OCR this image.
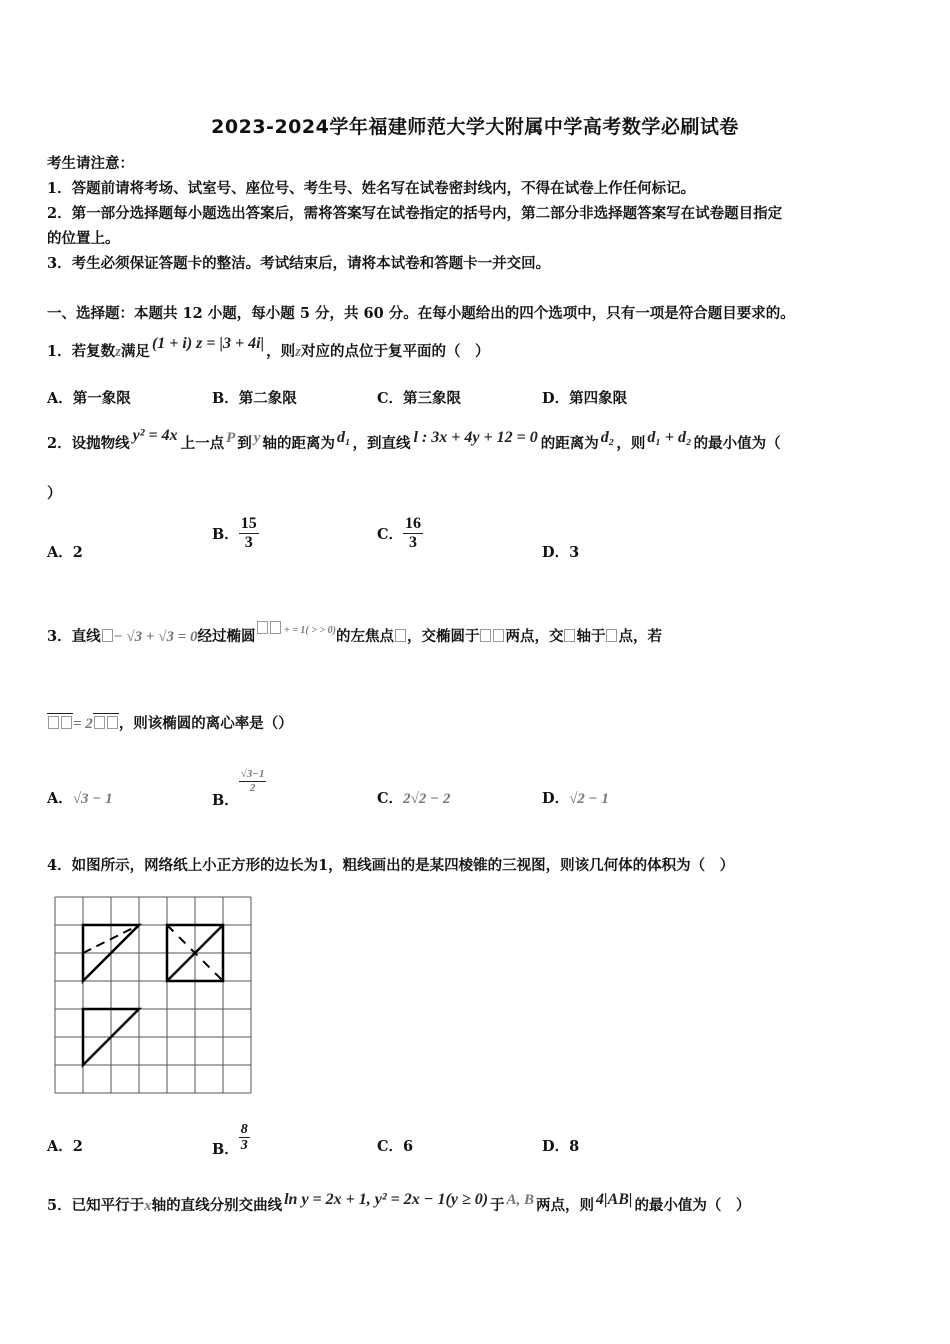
2023-2024学年福建师范大学大附属中学高考数学必刷试卷
考生请注意：
1．答题前请将考场、试室号、座位号、考生号、姓名写在试卷密封线内，不得在试卷上作任何标记。
2．第一部分选择题每小题选出答案后，需将答案写在试卷指定的括号内，第二部分非选择题答案写在试卷题目指定
的位置上。
3．考生必须保证答题卡的整洁。考试结束后，请将本试卷和答题卡一并交回。
一、选择题：本题共 12 小题，每小题 5 分，共 60 分。在每小题给出的四个选项中，只有一项是符合题目要求的。
1．若复数z满足 (1 + i) z = |3 + 4i| ，则z对应的点位于复平面的（　）
A．第一象限	B．第二象限	C．第三象限	D．第四象限
2．设抛物线 y² = 4x 上一点 P 到 y 轴的距离为 d₁ ，到直线 l : 3x + 4y + 12 = 0 的距离为 d₂ ，则 d₁ + d₂ 的最小值为（
）
A．2
B． $\frac{15}{3}$	C． $\frac{16}{3}$
D．3
3．直线 − √3 + √3 = 0经过椭圆	+ = 1( > > 0)的左焦点 ，交椭圆于 两点，交 轴于 点，若
= 2 ，则该椭圆的离心率是（）
A．√3 − 1	B．
$\frac{√3-1}{2}$
C．2√2 − 2	D．√2 − 1
4．如图所示，网络纸上小正方形的边长为1，粗线画出的是某四棱锥的三视图，则该几何体的体积为（　）
A．2	B． $\frac{8}{3}$	C．6	D．8
5．已知平行于x轴的直线分别交曲线 ln y = 2x + 1, y² = 2x − 1(y ≥ 0) 于 A, B 两点，则 4|AB| 的最小值为（　）
